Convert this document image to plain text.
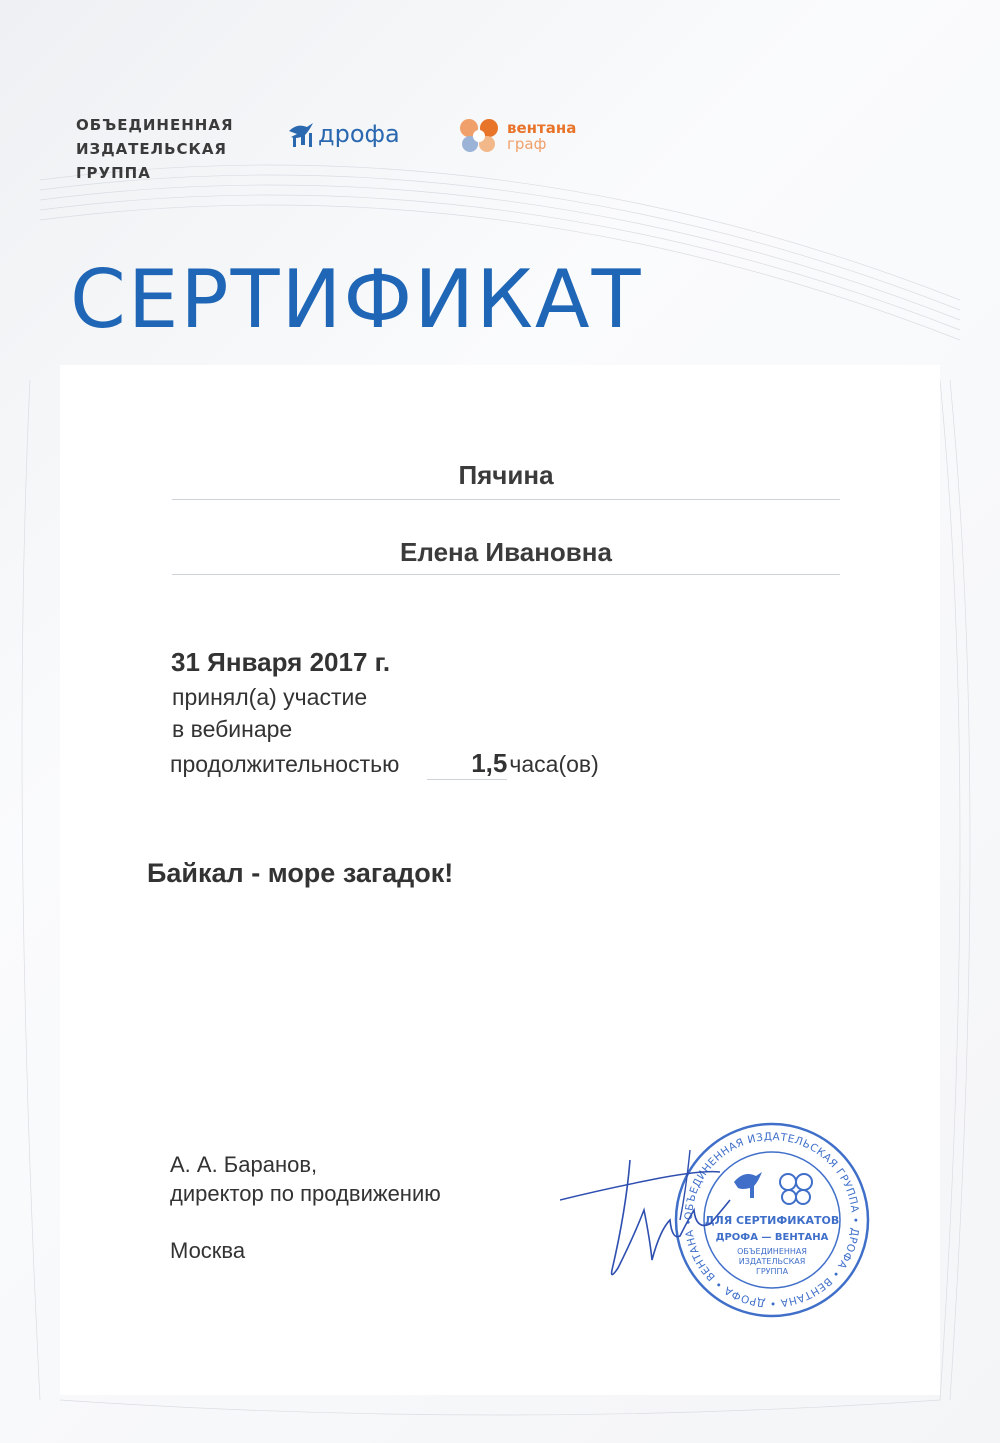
ОБЪЕДИНЕННАЯ
ИЗДАТЕЛЬСКАЯ
ГРУППА
дрофа	вентана
граф
СЕРТИФИКАТ
Пячина
Елена Ивановна
31 Января 2017 г.
принял(а) участие
в вебинаре
продолжительностью	1,5часа(ов)
Байкал - море загадок!
А. А. Баранов,
директор по продвижению
Москва
ОБЪЕДИНЕННАЯ ИЗДАТЕЛЬСКАЯ ГРУППА • ДРОФА • ВЕНТАНА • ДРОФА • ВЕНТАНА • ДЛЯ СЕРТИФИКАТОВ
ДРОФА — ВЕНТАНА
ОБЪЕДИНЕННАЯ
ИЗДАТЕЛЬСКАЯ
ГРУППА
